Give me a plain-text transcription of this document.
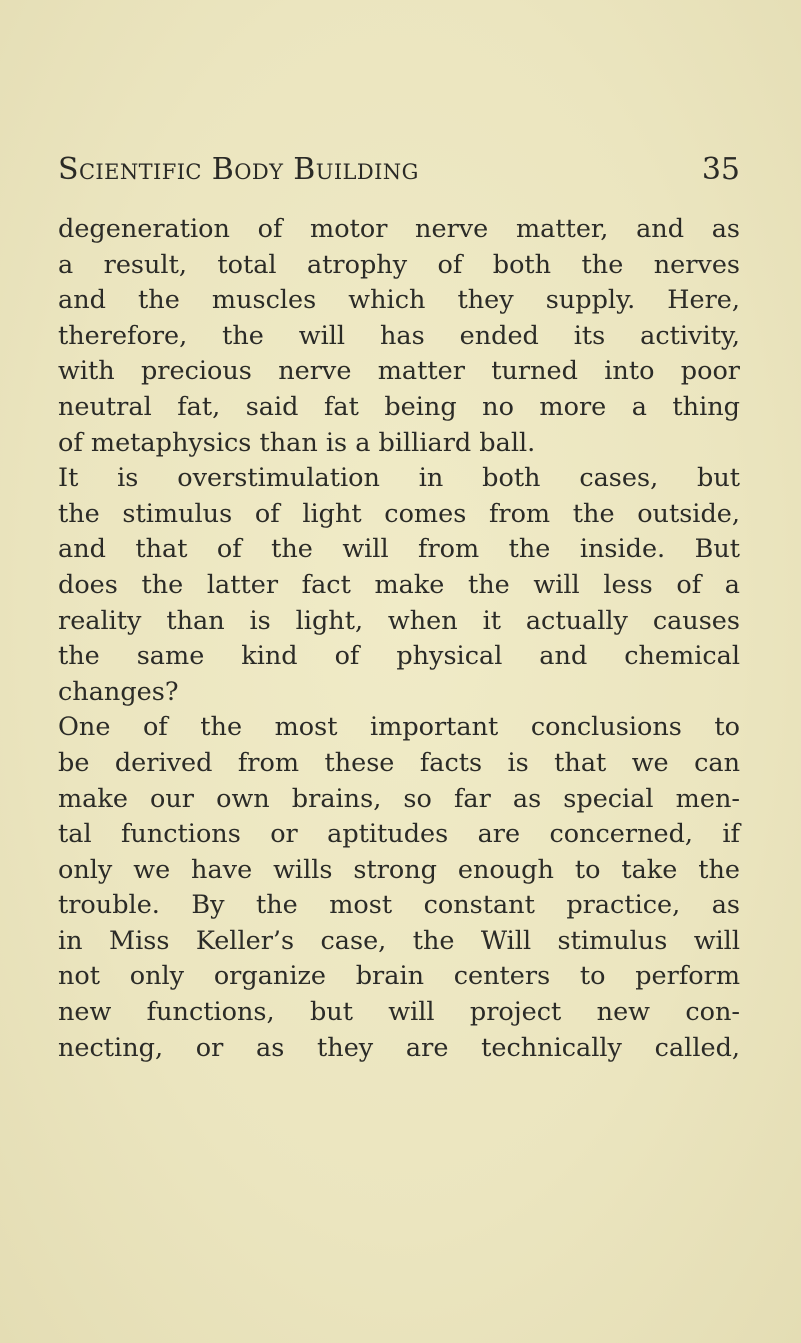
Scientific Body Building	35
degeneration of motor nerve matter, and as
a result, total atrophy of both the nerves
and the muscles which they supply. Here,
therefore, the will has ended its activity,
with precious nerve matter turned into poor
neutral fat, said fat being no more a thing
of metaphysics than is a billiard ball.
It is overstimulation in both cases, but
the stimulus of light comes from the outside,
and that of the will from the inside. But
does the latter fact make the will less of a
reality than is light, when it actually causes
the same kind of physical and chemical
changes?
One of the most important conclusions to
be derived from these facts is that we can
make our own brains, so far as special men-
tal functions or aptitudes are concerned, if
only we have wills strong enough to take the
trouble. By the most constant practice, as
in Miss Keller’s case, the Will stimulus will
not only organize brain centers to perform
new functions, but will project new con-
necting, or as they are technically called,
